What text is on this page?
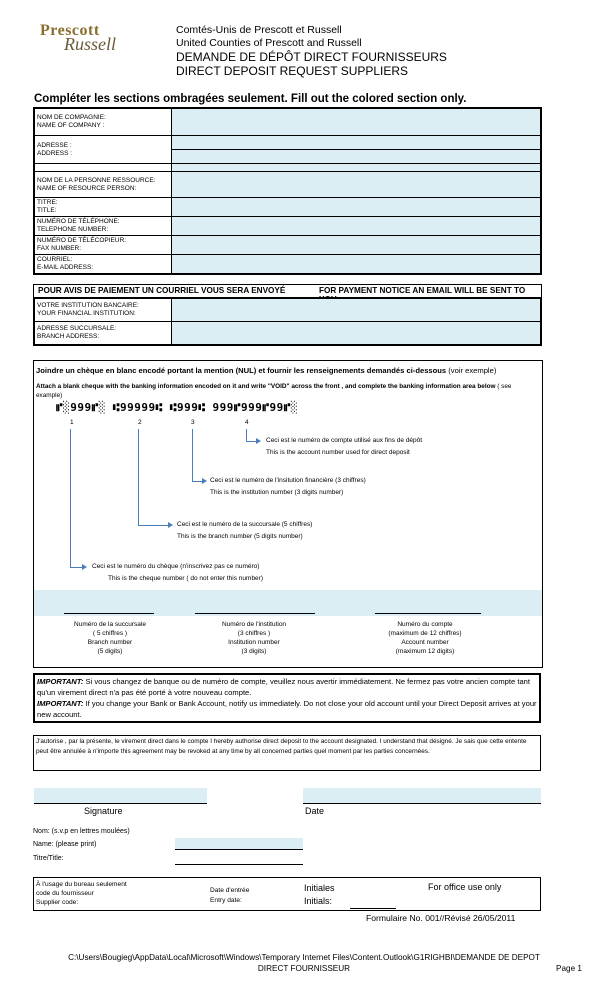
Prescott
Russell
Comtés-Unis de Prescott et Russell
United Counties of Prescott and Russell
DEMANDE DE DÉPÔT DIRECT FOURNISSEURS
DIRECT DEPOSIT REQUEST SUPPLIERS
Compléter les sections ombragées seulement. Fill out the colored section only.
NOM DE COMPAGNIE:
NAME OF COMPANY :	
ADRESSE :
ADDRESS :	

NOM DE LA PERSONNE RESSOURCE:
NAME OF RESOURCE PERSON:	
TITRE:
TITLE:	
NUMÉRO DE TÉLÉPHONE:
TELEPHONE NUMBER:	
NUMÉRO DE TÉLÉCOPIEUR:
FAX NUMBER:	
COURRIEL:
E-MAIL ADDRESS:	
POUR AVIS DE PAIEMENT UN COURRIEL VOUS SERA ENVOYÉ	FOR PAYMENT NOTICE AN EMAIL WILL BE SENT TO
VOTRE INSTITUTION BANCAIRE:
YOUR FINANCIAL INSTITUTION:	
ADRESSE SUCCURSALE:
BRANCH ADDRESS:	
Joindre un chèque en blanc encodé portant la mention (NUL) et fournir les renseignements demandés ci-dessous (voir exemple)
Attach a blank cheque with the banking information encoded on it and write "VOID" across the front , and complete the banking information area below ( see example)
⑈░999⑈░ ⑆99999⑆ ⑆999⑆ 999⑈999⑈99⑈░
1	2	3	4
Ceci est le numéro de compte utilisé aux fins de dépôt
This is the account number used for direct deposit
Ceci est le numéro de l'insitution financière (3 chiffres)
This is the institution number (3 digits number)
Ceci est le numéro de la succursale (5 chiffres)
This is the branch number (5 digits number)
Ceci est le numéro du chèque (n'inscrivez pas ce numéro)
This is the cheque number ( do not enter this number)
Numéro de la succursale
( 5 chiffres )
Branch number
(5 digits)
Numéro de l'institution
(3 chiffres )
Institution number
(3 digits)
Numéro du compte
(maximum de 12 chiffres)
Account number
(maximum 12 digits)
IMPORTANT: Si vous changez de banque ou de numéro de compte, veuillez nous avertir immédiatement. Ne fermez pas votre ancien compte tant qu'un virement direct n'a pas été porté à votre nouveau compte.
IMPORTANT: If you change your Bank or Bank Account, notify us immediately. Do not close your old account until your Direct Deposit arrives at your new account.
J'autorise , par la présente, le virement direct dans le compte I hereby authorise direct deposit to the account designated. I understand that désigné. Je sais que cette entente peut être annulée à n'importe this agreement may be revoked at any time by all concerned parties quel moment par les parties concernées.
Signature	Date
Nom: (s.v.p en lettres moulées)
Name: (please print)
Titre/Title:
À l'usage du bureau seulement
code du fournisseur
Supplier code:
Date d'entrée
Entry date:
Initiales
Initials:
For office use only
Formulaire No. 001//Révisé 26/05/2011
C:\Users\Bougieg\AppData\Local\Microsoft\Windows\Temporary Internet Files\Content.Outlook\G1RIGHBI\DEMANDE DE DEPOT
DIRECT FOURNISSEUR	Page 1
